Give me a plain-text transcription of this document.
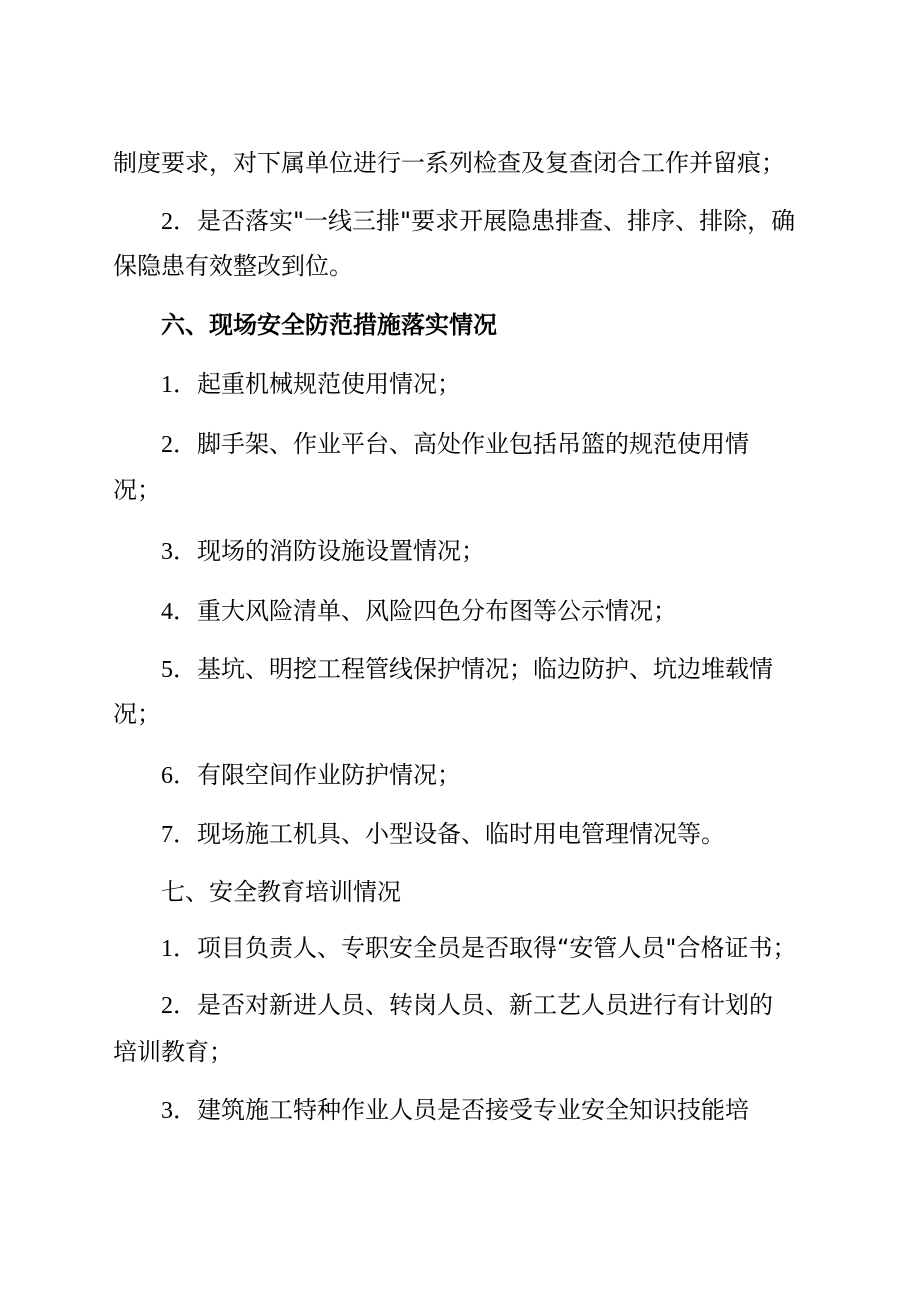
制度要求，对下属单位进行一系列检查及复查闭合工作并留痕；
2．是否落实"一线三排"要求开展隐患排查、排序、排除，确
保隐患有效整改到位。
六、现场安全防范措施落实情况
1．起重机械规范使用情况；
2．脚手架、作业平台、高处作业包括吊篮的规范使用情
况；
3．现场的消防设施设置情况；
4．重大风险清单、风险四色分布图等公示情况；
5．基坑、明挖工程管线保护情况；临边防护、坑边堆载情
况；
6．有限空间作业防护情况；
7．现场施工机具、小型设备、临时用电管理情况等。
七、安全教育培训情况
1．项目负责人、专职安全员是否取得“安管人员"合格证书；
2．是否对新进人员、转岗人员、新工艺人员进行有计划的
培训教育；
3．建筑施工特种作业人员是否接受专业安全知识技能培
